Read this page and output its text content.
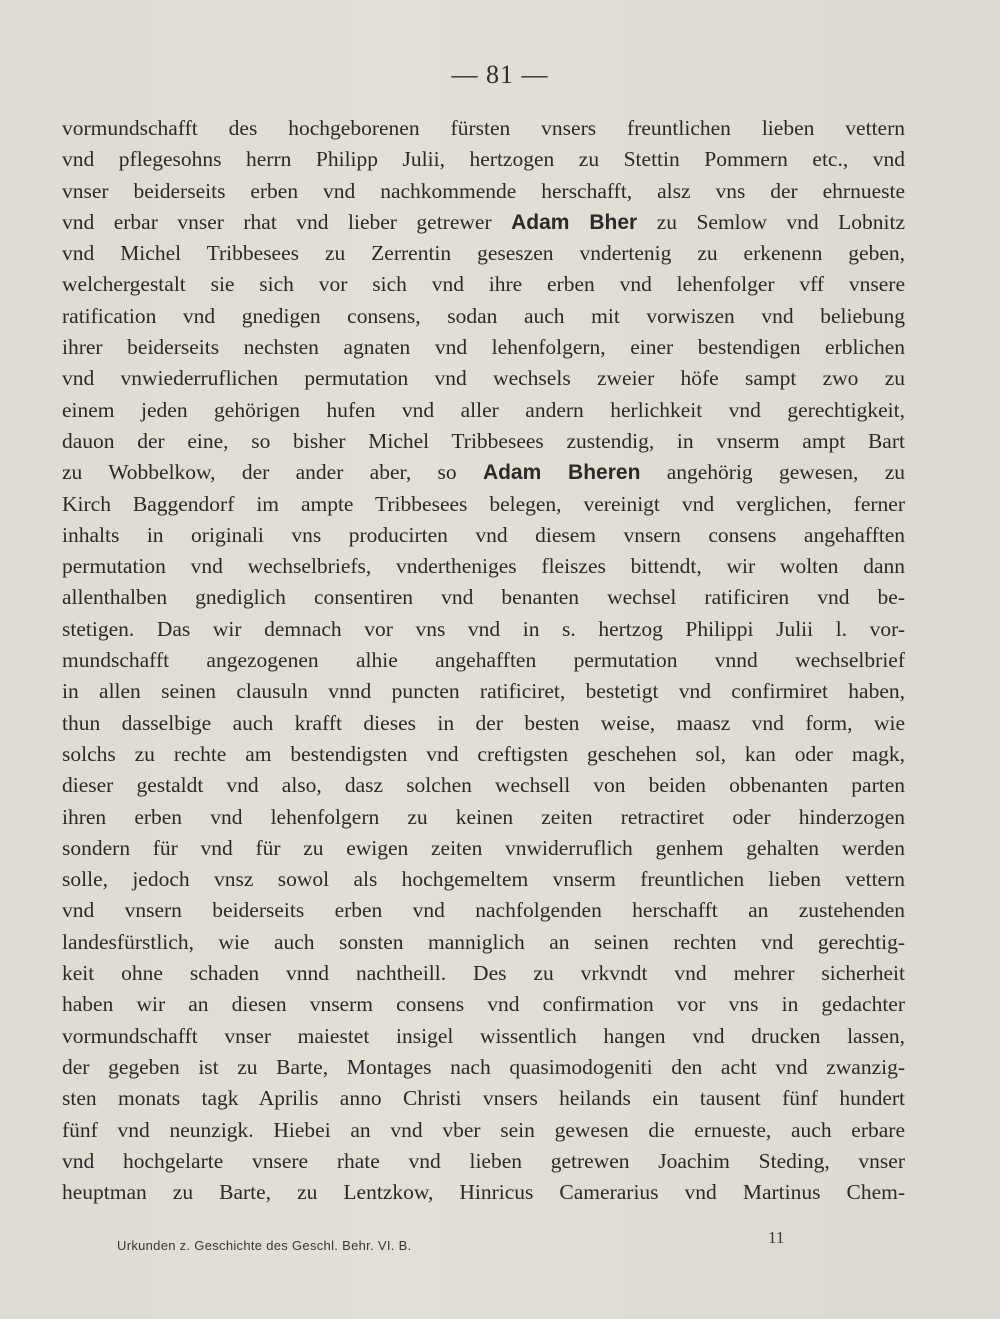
— 81 —
vormundschafft des hochgeborenen fürsten vnsers freuntlichen lieben vettern
vnd pflegesohns herrn Philipp Julii, hertzogen zu Stettin Pommern etc., vnd
vnser beiderseits erben vnd nachkommende herschafft, alsz vns der ehrnueste
vnd erbar vnser rhat vnd lieber getrewer Adam Bher zu Semlow vnd Lobnitz
vnd Michel Tribbesees zu Zerrentin geseszen vndertenig zu erkenenn geben,
welchergestalt sie sich vor sich vnd ihre erben vnd lehenfolger vff vnsere
ratification vnd gnedigen consens, sodan auch mit vorwiszen vnd beliebung
ihrer beiderseits nechsten agnaten vnd lehenfolgern, einer bestendigen erblichen
vnd vnwiederruflichen permutation vnd wechsels zweier höfe sampt zwo zu
einem jeden gehörigen hufen vnd aller andern herlichkeit vnd gerechtigkeit,
dauon der eine, so bisher Michel Tribbesees zustendig, in vnserm ampt Bart
zu Wobbelkow, der ander aber, so Adam Bheren angehörig gewesen, zu
Kirch Baggendorf im ampte Tribbesees belegen, vereinigt vnd verglichen, ferner
inhalts in originali vns producirten vnd diesem vnsern consens angehafften
permutation vnd wechselbriefs, vndertheniges fleiszes bittendt, wir wolten dann
allenthalben gnediglich consentiren vnd benanten wechsel ratificiren vnd be-
stetigen. Das wir demnach vor vns vnd in s. hertzog Philippi Julii l. vor-
mundschafft angezogenen alhie angehafften permutation vnnd wechselbrief
in allen seinen clausuln vnnd puncten ratificiret, bestetigt vnd confirmiret haben,
thun dasselbige auch krafft dieses in der besten weise, maasz vnd form, wie
solchs zu rechte am bestendigsten vnd creftigsten geschehen sol, kan oder magk,
dieser gestaldt vnd also, dasz solchen wechsell von beiden obbenanten parten
ihren erben vnd lehenfolgern zu keinen zeiten retractiret oder hinderzogen
sondern für vnd für zu ewigen zeiten vnwiderruflich genhem gehalten werden
solle, jedoch vnsz sowol als hochgemeltem vnserm freuntlichen lieben vettern
vnd vnsern beiderseits erben vnd nachfolgenden herschafft an zustehenden
landesfürstlich, wie auch sonsten manniglich an seinen rechten vnd gerechtig-
keit ohne schaden vnnd nachtheill. Des zu vrkvndt vnd mehrer sicherheit
haben wir an diesen vnserm consens vnd confirmation vor vns in gedachter
vormundschafft vnser maiestet insigel wissentlich hangen vnd drucken lassen,
der gegeben ist zu Barte, Montages nach quasimodogeniti den acht vnd zwanzig-
sten monats tagk Aprilis anno Christi vnsers heilands ein tausent fünf hundert
fünf vnd neunzigk. Hiebei an vnd vber sein gewesen die ernueste, auch erbare
vnd hochgelarte vnsere rhate vnd lieben getrewen Joachim Steding, vnser
heuptman zu Barte, zu Lentzkow, Hinricus Camerarius vnd Martinus Chem-
Urkunden z. Geschichte des Geschl. Behr. VI. B.	11
